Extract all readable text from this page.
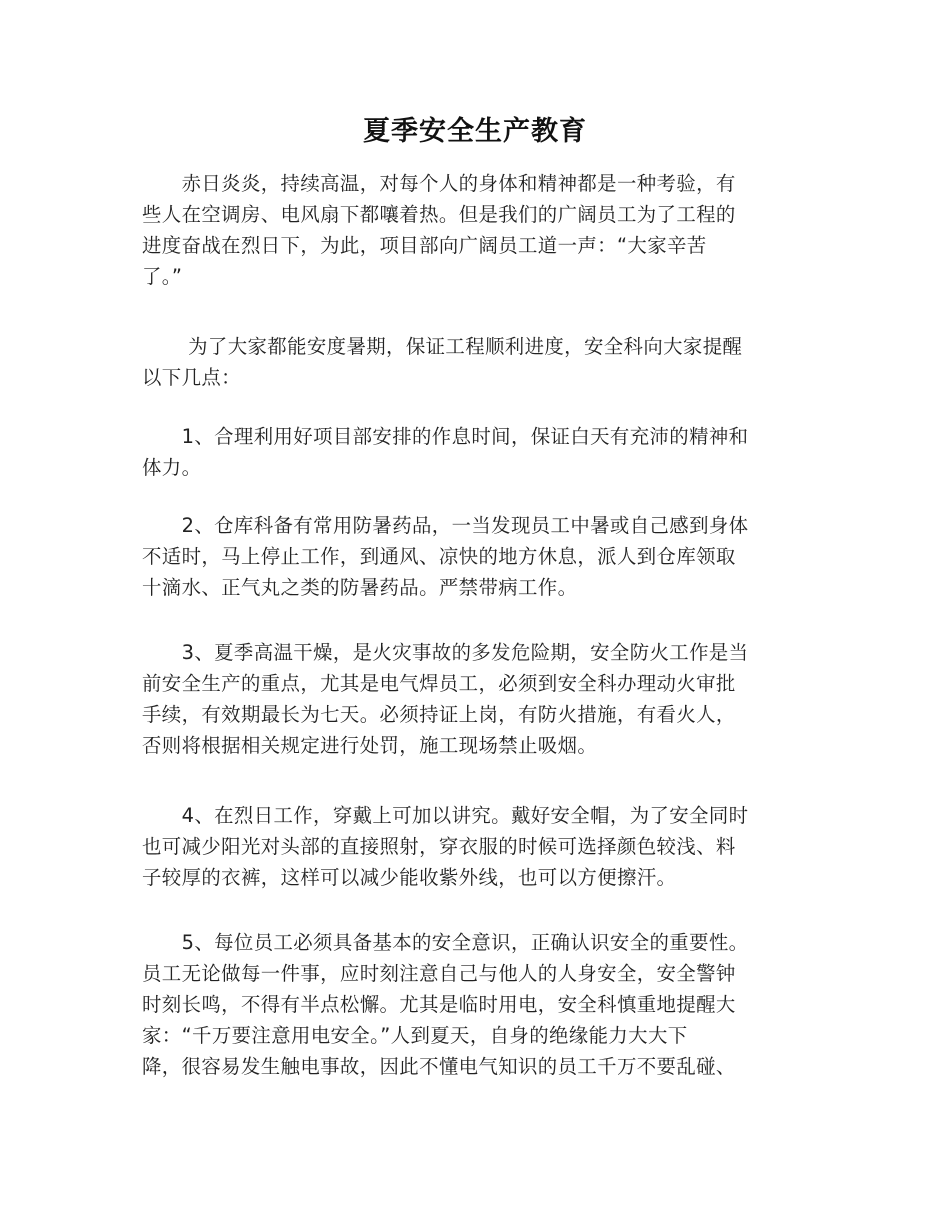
夏季安全生产教育

　　赤日炎炎，持续高温，对每个人的身体和精神都是一种考验，有
些人在空调房、电风扇下都嚷着热。但是我们的广阔员工为了工程的
进度奋战在烈日下，为此，项目部向广阔员工道一声：“大家辛苦
了。”

　　 为了大家都能安度暑期，保证工程顺利进度，安全科向大家提醒
以下几点：

　　1、合理利用好项目部安排的作息时间，保证白天有充沛的精神和
体力。

　　2、仓库科备有常用防暑药品，一当发现员工中暑或自己感到身体
不适时，马上停止工作，到通风、凉快的地方休息，派人到仓库领取
十滴水、正气丸之类的防暑药品。严禁带病工作。

　　3、夏季高温干燥，是火灾事故的多发危险期，安全防火工作是当
前安全生产的重点，尤其是电气焊员工，必须到安全科办理动火审批
手续，有效期最长为七天。必须持证上岗，有防火措施，有看火人，
否则将根据相关规定进行处罚，施工现场禁止吸烟。

　　4、在烈日工作，穿戴上可加以讲究。戴好安全帽，为了安全同时
也可减少阳光对头部的直接照射，穿衣服的时候可选择颜色较浅、料
子较厚的衣裤，这样可以减少能收紫外线，也可以方便擦汗。

　　5、每位员工必须具备基本的安全意识，正确认识安全的重要性。
员工无论做每一件事，应时刻注意自己与他人的人身安全，安全警钟
时刻长鸣，不得有半点松懈。尤其是临时用电，安全科慎重地提醒大
家：“千万要注意用电安全。”人到夏天，自身的绝缘能力大大下
降，很容易发生触电事故，因此不懂电气知识的员工千万不要乱碰、
